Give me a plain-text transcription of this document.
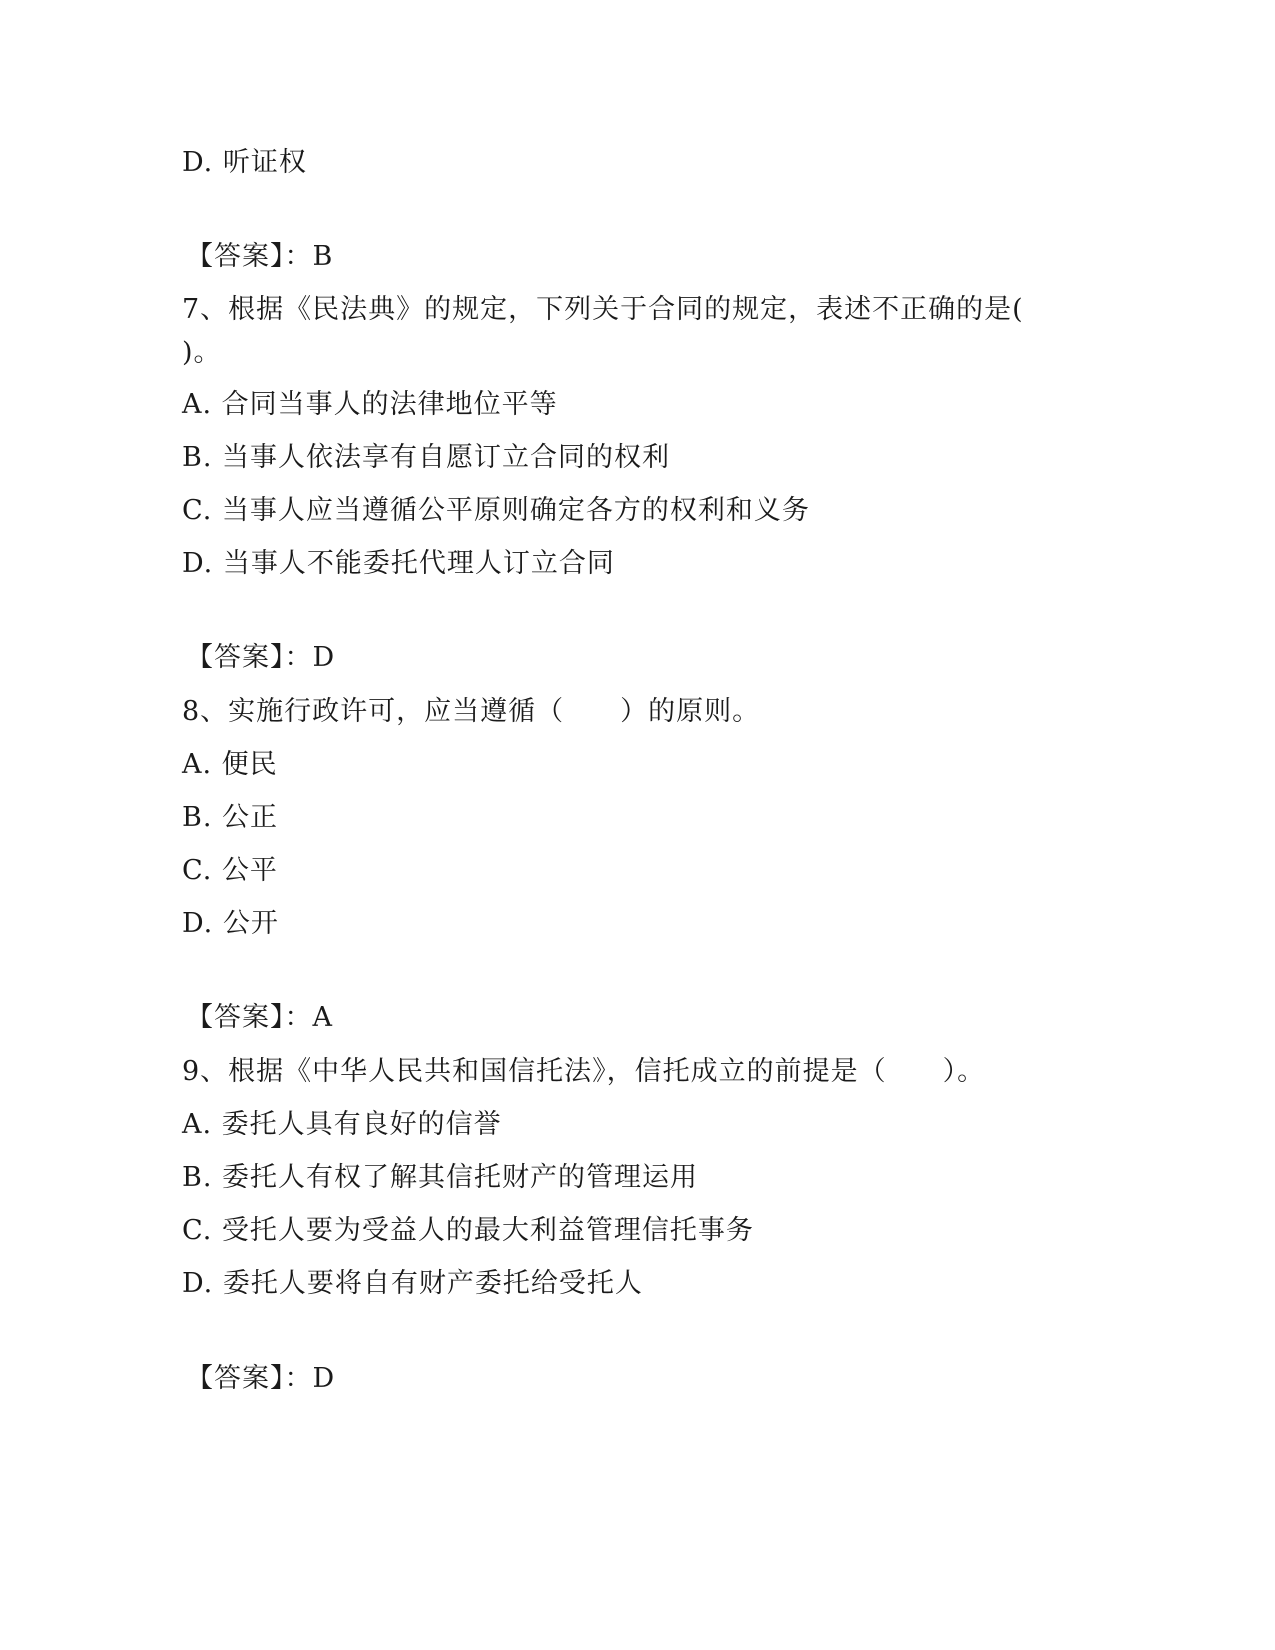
D. 听证权
【答案】：B
7、根据《民法典》的规定，下列关于合同的规定，表述不正确的是(
)。
A. 合同当事人的法律地位平等
B. 当事人依法享有自愿订立合同的权利
C. 当事人应当遵循公平原则确定各方的权利和义务
D. 当事人不能委托代理人订立合同
【答案】：D
8、实施行政许可，应当遵循（　　）的原则。
A. 便民
B. 公正
C. 公平
D. 公开
【答案】：A
9、根据《中华人民共和国信托法》，信托成立的前提是（　　）。
A. 委托人具有良好的信誉
B. 委托人有权了解其信托财产的管理运用
C. 受托人要为受益人的最大利益管理信托事务
D. 委托人要将自有财产委托给受托人
【答案】：D
